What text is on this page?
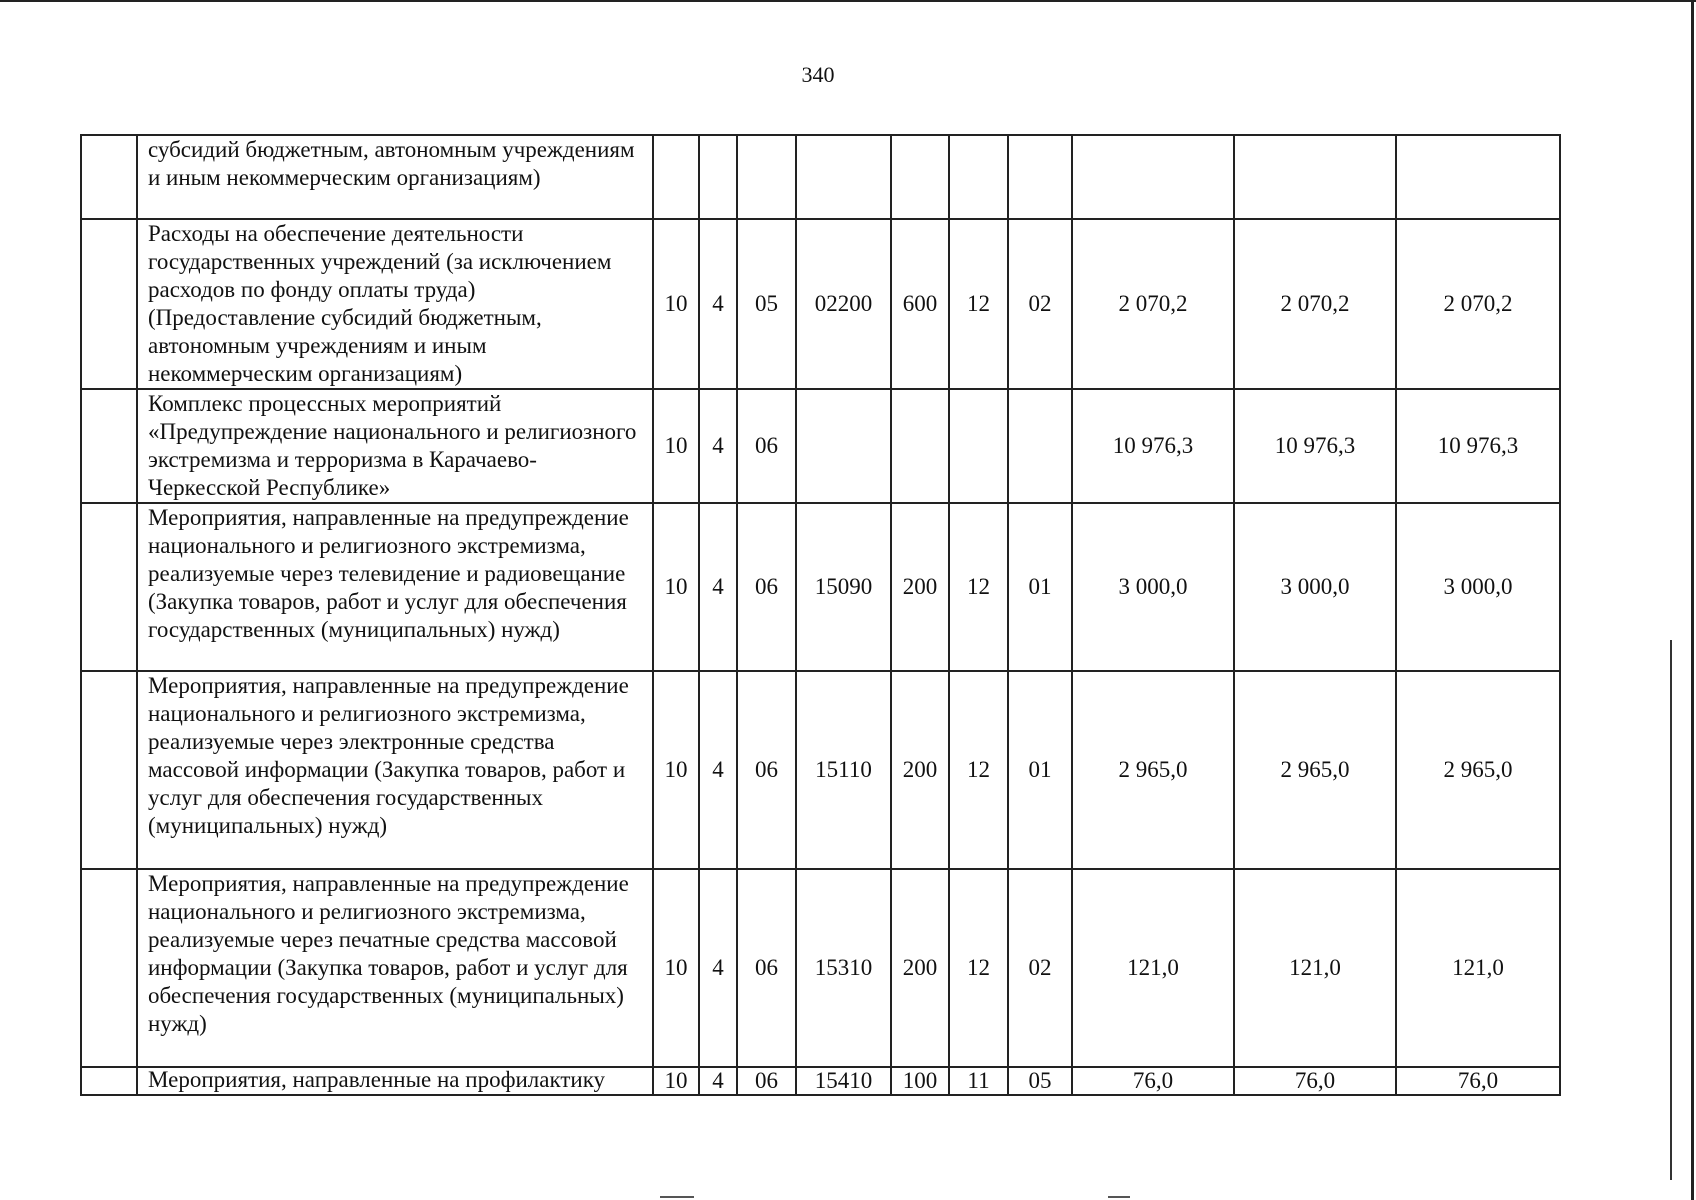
340
	субсидий бюджетным, автономным учреждениям и иным некоммерческим организациям)										
	Расходы на обеспечение деятельности государственных учреждений (за исключением расходов по фонду оплаты труда) (Предоставление субсидий бюджетным, автономным учреждениям и иным некоммерческим организациям)	10	4	05	02200	600	12	02	2 070,2	2 070,2	2 070,2
	Комплекс процессных мероприятий «Предупреждение национального и религиозного экстремизма и терроризма в Карачаево-Черкесской Республике»	10	4	06					10 976,3	10 976,3	10 976,3
	Мероприятия, направленные на предупреждение национального и религиозного экстремизма, реализуемые через телевидение и радиовещание (Закупка товаров, работ и услуг для обеспечения государственных (муниципальных) нужд)	10	4	06	15090	200	12	01	3 000,0	3 000,0	3 000,0
	Мероприятия, направленные на предупреждение национального и религиозного экстремизма, реализуемые через электронные средства массовой информации (Закупка товаров, работ и услуг для обеспечения государственных (муниципальных) нужд)	10	4	06	15110	200	12	01	2 965,0	2 965,0	2 965,0
	Мероприятия, направленные на предупреждение национального и религиозного экстремизма, реализуемые через печатные средства массовой информации (Закупка товаров, работ и услуг для обеспечения государственных (муниципальных) нужд)	10	4	06	15310	200	12	02	121,0	121,0	121,0
	Мероприятия, направленные на профилактику	10	4	06	15410	100	11	05	76,0	76,0	76,0
